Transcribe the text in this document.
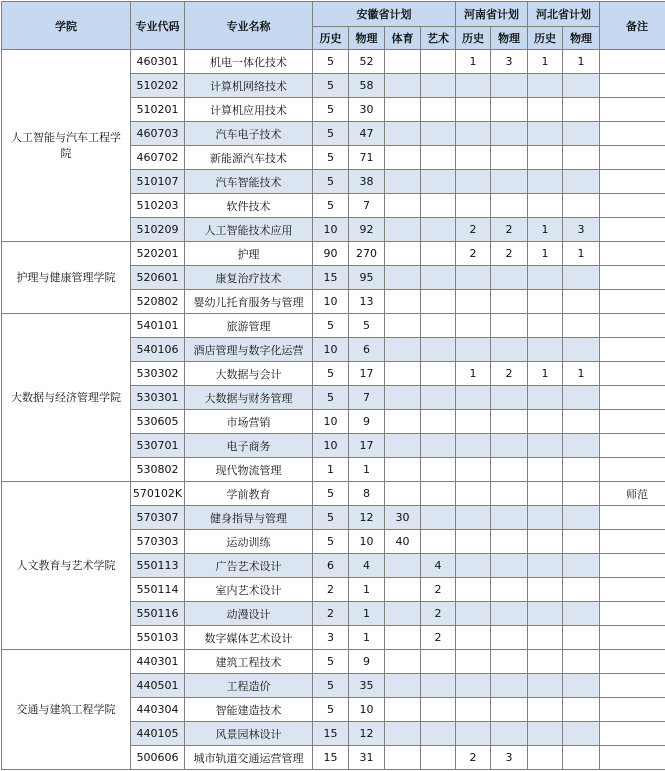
学院	专业代码	专业名称	安徽省计划				河南省计划		河北省计划		备注
			历史	物理	体育	艺术	历史	物理	历史	物理	
人工智能与汽车工程学院	460301	机电一体化技术	5	52			1	3	1	1	
	510202	计算机网络技术	5	58							
	510201	计算机应用技术	5	30							
	460703	汽车电子技术	5	47							
	460702	新能源汽车技术	5	71							
	510107	汽车智能技术	5	38							
	510203	软件技术	5	7							
	510209	人工智能技术应用	10	92			2	2	1	3	
护理与健康管理学院	520201	护理	90	270			2	2	1	1	
	520601	康复治疗技术	15	95							
	520802	婴幼儿托育服务与管理	10	13							
大数据与经济管理学院	540101	旅游管理	5	5							
	540106	酒店管理与数字化运营	10	6							
	530302	大数据与会计	5	17			1	2	1	1	
	530301	大数据与财务管理	5	7							
	530605	市场营销	10	9							
	530701	电子商务	10	17							
	530802	现代物流管理	1	1							
人文教育与艺术学院	570102K	学前教育	5	8							师范
	570307	健身指导与管理	5	12	30						
	570303	运动训练	5	10	40						
	550113	广告艺术设计	6	4		4					
	550114	室内艺术设计	2	1		2					
	550116	动漫设计	2	1		2					
	550103	数字媒体艺术设计	3	1		2					
交通与建筑工程学院	440301	建筑工程技术	5	9							
	440501	工程造价	5	35							
	440304	智能建造技术	5	10							
	440105	风景园林设计	15	12							
	500606	城市轨道交通运营管理	15	31			2	3			
